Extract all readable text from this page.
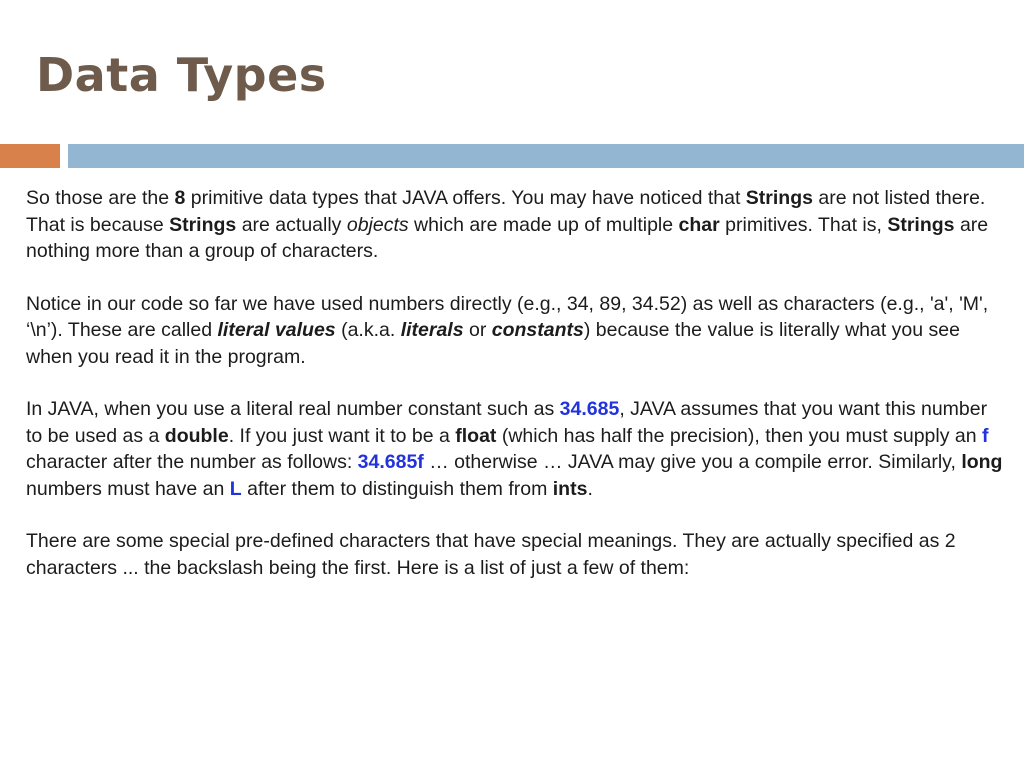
Data Types

So those are the 8 primitive data types that JAVA offers. You may have noticed that Strings are not listed there. That is because Strings are actually objects which are made up of multiple char primitives. That is, Strings are nothing more than a group of characters.

Notice in our code so far we have used numbers directly (e.g., 34, 89, 34.52) as well as characters (e.g., 'a', 'M', ‘\n’). These are called literal values (a.k.a. literals or constants) because the value is literally what you see when you read it in the program.

In JAVA, when you use a literal real number constant such as 34.685, JAVA assumes that you want this number to be used as a double. If you just want it to be a float (which has half the precision), then you must supply an f character after the number as follows: 34.685f … otherwise … JAVA may give you a compile error. Similarly, long numbers must have an L after them to distinguish them from ints.

There are some special pre-defined characters that have special meanings. They are actually specified as 2 characters ... the backslash being the first. Here is a list of just a few of them:
